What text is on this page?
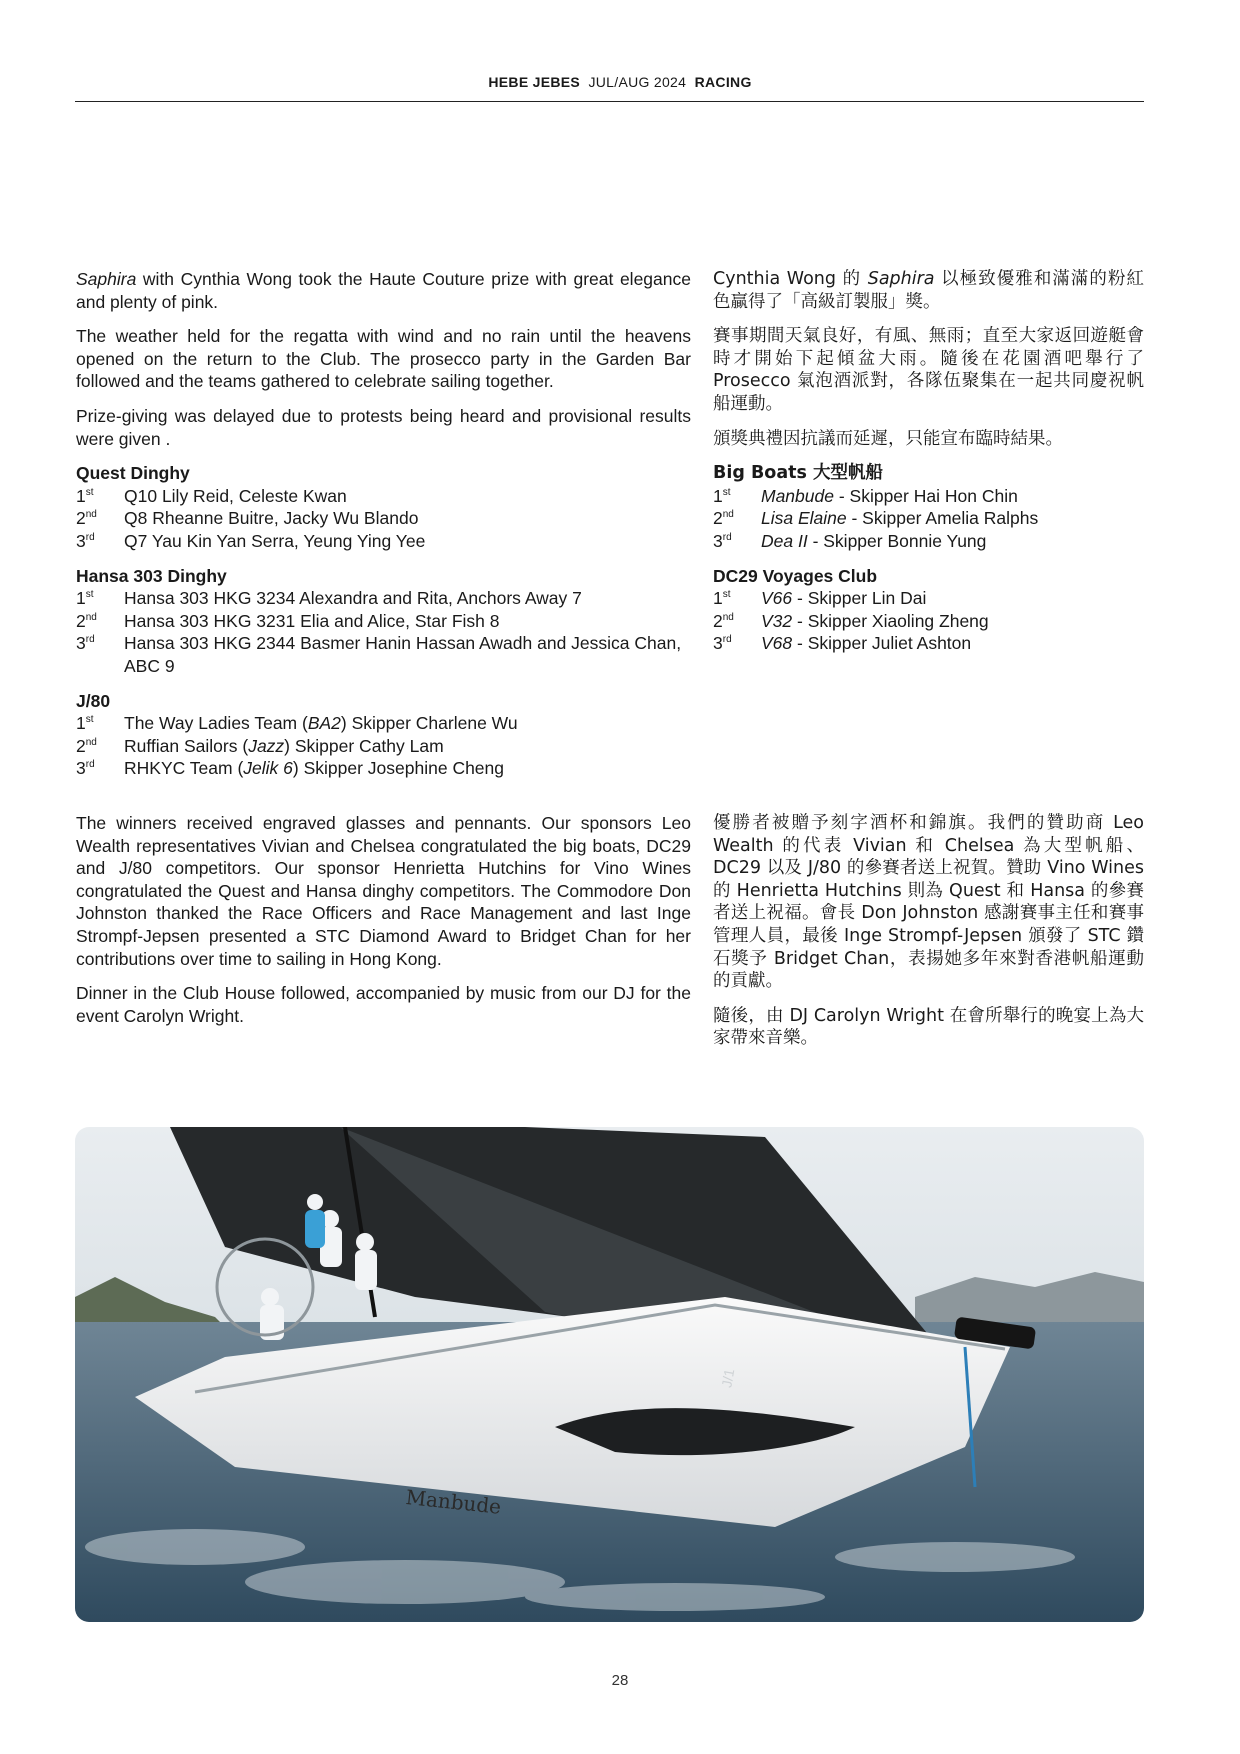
HEBE JEBES JUL/AUG 2024 RACING

Saphira with Cynthia Wong took the Haute Couture prize with great elegance and plenty of pink.

The weather held for the regatta with wind and no rain until the heavens opened on the return to the Club. The prosecco party in the Garden Bar followed and the teams gathered to celebrate sailing together.

Prize-giving was delayed due to protests being heard and provisional results were given .

Quest Dinghy
1st	Q10 Lily Reid, Celeste Kwan
2nd	Q8 Rheanne Buitre, Jacky Wu Blando
3rd	Q7 Yau Kin Yan Serra, Yeung Ying Yee
Hansa 303 Dinghy
1st	Hansa 303 HKG 3234 Alexandra and Rita, Anchors Away 7
2nd	Hansa 303 HKG 3231 Elia and Alice, Star Fish 8
3rd	Hansa 303 HKG 2344 Basmer Hanin Hassan Awadh and Jessica Chan, ABC 9
J/80
1st	The Way Ladies Team (BA2) Skipper Charlene Wu
2nd	Ruffian Sailors (Jazz) Skipper Cathy Lam
3rd	RHKYC Team (Jelik 6) Skipper Josephine Cheng

The winners received engraved glasses and pennants. Our sponsors Leo Wealth representatives Vivian and Chelsea congratulated the big boats, DC29 and J/80 competitors. Our sponsor Henrietta Hutchins for Vino Wines congratulated the Quest and Hansa dinghy competitors. The Commodore Don Johnston thanked the Race Officers and Race Management and last Inge Strompf-Jepsen presented a STC Diamond Award to Bridget Chan for her contributions over time to sailing in Hong Kong.

Dinner in the Club House followed, accompanied by music from our DJ for the event Carolyn Wright.

Cynthia Wong 的 Saphira 以極致優雅和滿滿的粉紅色贏得了「高級訂製服」獎。

賽事期間天氣良好，有風、無雨；直至大家返回遊艇會時才開始下起傾盆大雨。隨後在花園酒吧舉行了 Prosecco 氣泡酒派對，各隊伍聚集在一起共同慶祝帆船運動。

頒獎典禮因抗議而延遲，只能宣布臨時結果。

Big Boats 大型帆船
1st	Manbude - Skipper Hai Hon Chin
2nd	Lisa Elaine - Skipper Amelia Ralphs
3rd	Dea II - Skipper Bonnie Yung
DC29 Voyages Club
1st	V66 - Skipper Lin Dai
2nd	V32 - Skipper Xiaoling Zheng
3rd	V68 - Skipper Juliet Ashton

優勝者被贈予刻字酒杯和錦旗。我們的贊助商 Leo Wealth 的代表 Vivian 和 Chelsea 為大型帆船、DC29 以及 J/80 的參賽者送上祝賀。贊助 Vino Wines 的 Henrietta Hutchins 則為 Quest 和 Hansa 的參賽者送上祝福。會長 Don Johnston 感謝賽事主任和賽事管理人員，最後 Inge Strompf-Jepsen 頒發了 STC 鑽石獎予 Bridget Chan，表揚她多年來對香港帆船運動的貢獻。

隨後，由 DJ Carolyn Wright 在會所舉行的晚宴上為大家帶來音樂。

Manbude
J/1
28
